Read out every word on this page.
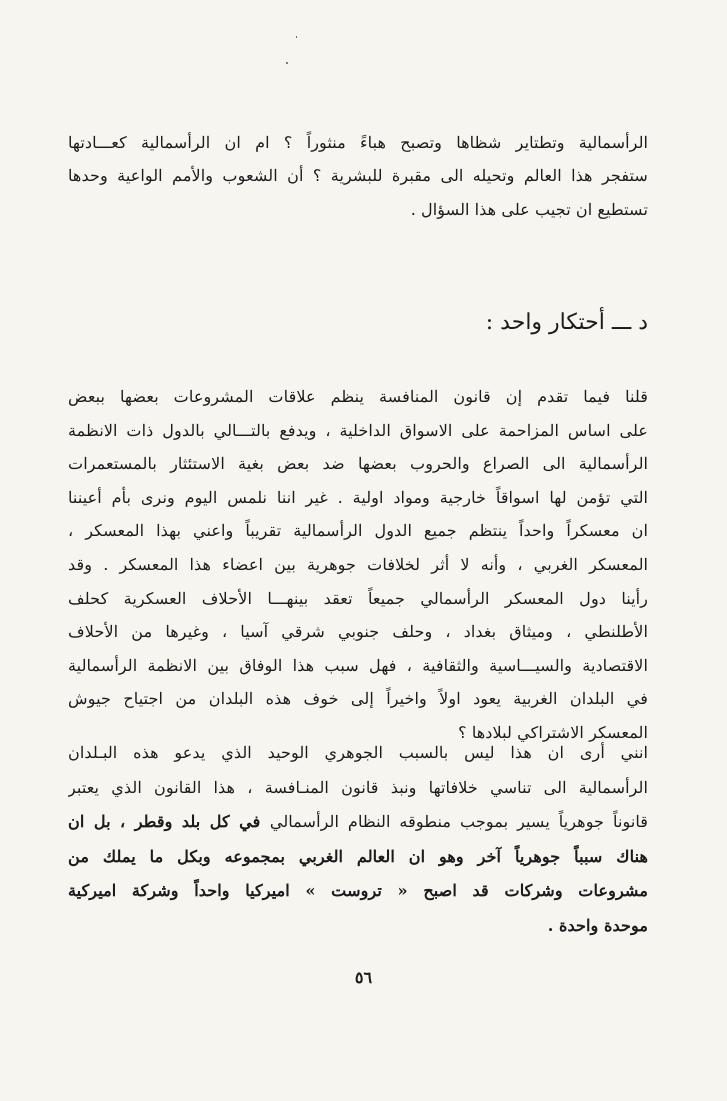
الرأسمالية وتطتاير شظاها وتصبح هباءً منثوراً ؟ ام ان الرأسمالية كعـــادتها
ستفجر هذا العالم وتحيله الى مقبرة للبشرية ؟ أن الشعوب والأمم الواعية وحدها
تستطيع ان تجيب على هذا السؤال .
د ـــ أحتكار واحد :
قلنا فيما تقدم إن قانون المنافسة ينظم علاقات المشروعات بعضها ببعض
على اساس المزاحمة على الاسواق الداخلية ، ويدفع بالتـــالي بالدول ذات الانظمة
الرأسمالية الى الصراع والحروب بعضها ضد بعض بغية الاستئثار بالمستعمرات
التي تؤمن لها اسواقاً خارجية ومواد اولية . غير اننا نلمس اليوم ونرى بأم أعيننا
ان معسكراً واحداً ينتظم جميع الدول الرأسمالية تقريباً واعني بهذا المعسكر ،
المعسكر الغربي ، وأنه لا أثر لخلافات جوهرية بين اعضاء هذا المعسكر . وقد
رأينا دول المعسكر الرأسمالي جميعاً تعقد بينهـــا الأحلاف العسكرية كحلف
الأطلنطي ، وميثاق بغداد ، وحلف جنوبي شرقي آسيا ، وغيرها من الأحلاف
الاقتصادية والسيـــاسية والثقافية ، فهل سبب هذا الوفاق بين الانظمة الرأسمالية
في البلدان الغربية يعود اولاً واخيراً إلى خوف هذه البلدان من اجتياح جيوش
المعسكر الاشتراكي لبلادها ؟
انني أرى ان هذا ليس بالسبب الجوهري الوحيد الذي يدعو هذه البـلدان
الرأسمالية الى تناسي خلافاتها ونبذ قانون المنـافسة ، هذا القانون الذي يعتبر
قانوناً جوهرياً يسير بموجب منطوقه النظام الرأسمالي في كل بلد وقطر ، بل ان
هناك سبباً جوهرياً آخر وهو ان العالم الغربي بمجموعه وبكل ما يملك من
مشروعات وشركات قد اصبح « تروست » اميركيا واحداً وشركة اميركية
موحدة واحدة .
٥٦
